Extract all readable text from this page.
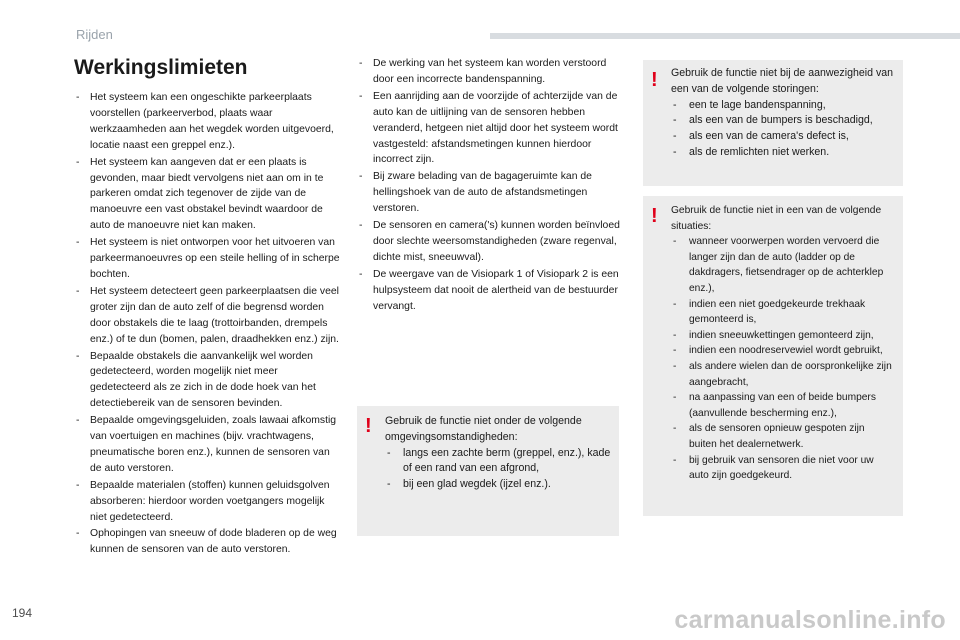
Rijden
Werkingslimieten
- Het systeem kan een ongeschikte parkeerplaats voorstellen (parkeerverbod, plaats waar werkzaamheden aan het wegdek worden uitgevoerd, locatie naast een greppel enz.).
- Het systeem kan aangeven dat er een plaats is gevonden, maar biedt vervolgens niet aan om in te parkeren omdat zich tegenover de zijde van de manoeuvre een vast obstakel bevindt waardoor de auto de manoeuvre niet kan maken.
- Het systeem is niet ontworpen voor het uitvoeren van parkeermanoeuvres op een steile helling of in scherpe bochten.
- Het systeem detecteert geen parkeerplaatsen die veel groter zijn dan de auto zelf of die begrensd worden door obstakels die te laag (trottoirbanden, drempels enz.) of te dun (bomen, palen, draadhekken enz.) zijn.
- Bepaalde obstakels die aanvankelijk wel worden gedetecteerd, worden mogelijk niet meer gedetecteerd als ze zich in de dode hoek van het detectiebereik van de sensoren bevinden.
- Bepaalde omgevingsgeluiden, zoals lawaai afkomstig van voertuigen en machines (bijv. vrachtwagens, pneumatische boren enz.), kunnen de sensoren van de auto verstoren.
- Bepaalde materialen (stoffen) kunnen geluidsgolven absorberen: hierdoor worden voetgangers mogelijk niet gedetecteerd.
- Ophopingen van sneeuw of dode bladeren op de weg kunnen de sensoren van de auto verstoren.
- De werking van het systeem kan worden verstoord door een incorrecte bandenspanning.
- Een aanrijding aan de voorzijde of achterzijde van de auto kan de uitlijning van de sensoren hebben veranderd, hetgeen niet altijd door het systeem wordt vastgesteld: afstandsmetingen kunnen hierdoor incorrect zijn.
- Bij zware belading van de bagageruimte kan de hellingshoek van de auto de afstandsmetingen verstoren.
- De sensoren en camera('s) kunnen worden beïnvloed door slechte weersomstandigheden (zware regenval, dichte mist, sneeuwval).
- De weergave van de Visiopark 1 of Visiopark 2 is een hulpsysteem dat nooit de alertheid van de bestuurder vervangt.
! Gebruik de functie niet onder de volgende omgevingsomstandigheden:
- langs een zachte berm (greppel, enz.), kade of een rand van een afgrond,
- bij een glad wegdek (ijzel enz.).
! Gebruik de functie niet bij de aanwezigheid van een van de volgende storingen:
- een te lage bandenspanning,
- als een van de bumpers is beschadigd,
- als een van de camera's defect is,
- als de remlichten niet werken.
! Gebruik de functie niet in een van de volgende situaties:
- wanneer voorwerpen worden vervoerd die langer zijn dan de auto (ladder op de dakdragers, fietsendrager op de achterklep enz.),
- indien een niet goedgekeurde trekhaak gemonteerd is,
- indien sneeuwkettingen gemonteerd zijn,
- indien een noodreservewiel wordt gebruikt,
- als andere wielen dan de oorspronkelijke zijn aangebracht,
- na aanpassing van een of beide bumpers (aanvullende bescherming enz.),
- als de sensoren opnieuw gespoten zijn buiten het dealernetwerk.
- bij gebruik van sensoren die niet voor uw auto zijn goedgekeurd.
194	carmanualsonline.info
